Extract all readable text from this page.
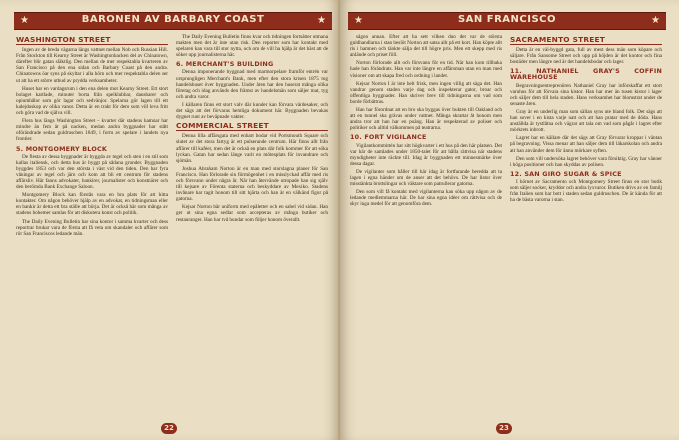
★	BARONEN AV BARBARY COAST	★
WASHINGTON STREET

Ingen av de breda vägarna längs vattnet mellan Nob och Russian Hill. Från Stockton till Kearny Street är Washingtonbacken del av Chinatown, därefter blir gatan släktlig. Den mellan de mer respektabla kvarteren av San Francisco på den ena sidan och Barbary Coast på den andra. Chinatowns öar syns på skyltar i alla hörn och mer respektabla delen ser ut att ha ett större utbud av prydda verksamheter.

Huset har en vardagsrum i den ena delen mot Kearny Street. Ett stort bolaget kartlade, minuter borta från spelklubbar, dansbarer och opiumhålor som gör lagar och sedvänjor. Spelarna gör lagen till ett kalejdoskop av olika vanor. Detta är en trakt för dem som vill leva fritt och göra vad de själva vill.

Flera hus längs Washington Street – kvarter där stadens hamnar har mindre än fem år på nacken, medan andra byggnader har stått oförändrade sedan guldruschen 1849, i form av spelare i landets nya frontier.

5. MONTGOMERY BLOCK

De flesta av dessa byggnader är byggda av tegel och sten i en stil som kallas italiensk, och detta hus är byggt på sådana grunder. Byggnaden byggdes 1853 och var den största i väst vid den tiden. Den har fyra våningar av tegel och järn och kom att bli ett centrum för stadens affärsliv. Här fanns advokater, bankirer, journalister och konstnärer och den berömda Bank Exchange Saloon.

Montgomery Block kan förstås vara en bra plats för att hitta kontakter. Om någon behöver hjälp av en advokat, en tidningsman eller en bankir är detta ett bra ställe att börja. Det är också här som många av stadens bohemer samlas för att diskutera konst och politik.

The Daily Evening Bulletin har sina kontor i samma kvarter och dess reportrar brukar vara de första att få veta om skandaler och affärer som rör San Franciscos ledande män.

The Daily Evening Bulletin finns kvar och tidningen fortsätter utmana makten men det är inte utan risk. Den reporter som har kontakt med spelaren kan vara till stor nytta, och om de vill ha hjälp är det bäst att de söker upp journalisterna här.

6. MERCHANT'S BUILDING

Denna imponerande byggnad med marmorpelare framför entrén var ursprungligen Merchant's Bank, men efter den stora krisen 1875 tog handelshuset över byggnaden. Under åren har den huserat många olika företag och idag används den främst av handelsmän som säljer mat, tyg och andra varor.

I källaren finns ett stort valv där kunder kan förvara värdesaker, och det sägs att det förvaras hemliga dokument här. Byggnaden bevakas dygnet runt av beväpnade vakter.

COMMERCIAL STREET

Denna lilla affärsgata med enbart bodar vid Portsmouth Square och slutet av det stora fartyg är ett pulserande centrum. Här finns allt från affärer till kaféer, men det är också en plats där folk kommer för att söka lyckan. Gatan har sedan länge varit en mötesplats för invandrare och sjömän.

Joshua Abraham Norton är en man med storslagna planer för San Francisco. Han förlorade sin förmögenhet i en misslyckad affär med ris och försvann under några år. När han återvände utropade han sig själv till kejsare av Förenta staterna och beskyddare av Mexiko. Stadens invånare har tagit honom till sitt hjärta och han är en välkänd figur på gatorna.

Kejsar Norton bär uniform med epåletter och en sabel vid sidan. Han ger ut sina egna sedlar som accepteras av många butiker och restauranger. Han har två hundar som följer honom överallt.

22
★	SAN FRANCISCO	★

sågon annan. Efter att ha sett vilken duo det var de största guldhandlarna i stan beslöt Norton att satsa allt på ett kort. Han köpte allt ris i hamnen och tänkte sälja det till högre pris. Men ett skepp med ris anlände och priset föll.

Norton förlorade allt och försvann för en tid. När han kom tillbaka hade han förändrats. Han var inte längre en affärsman utan en man med visioner om att skapa fred och ordning i landet.

Kejsar Norton I är inte helt frisk, men ingen villig att säga det. Han vandrar genom staden varje dag och inspekterar gator, broar och offentliga byggnader. Han skriver brev till tidningarna om vad som borde förbättras.

Han har förordnat att en bro ska byggas över bukten till Oakland och att en tunnel ska grävas under vattnet. Många skrattar åt honom men andra tror att han har en poäng. Han är respekterad av poliser och politiker och alltid välkommen på teatrarna.

10. FORT VIGILANCE

Vigilantkommittén har sitt högkvarter i ett hus på den här platsen. Det var här de samlades under 1850-talet för att hålla rättvisa när stadens myndigheter inte räckte till. Idag är byggnaden ett minnesmärke över dessa dagar.

De vigilanter som håller till här idag är fortfarande beredda att ta lagen i egna händer om de anser att det behövs. De har listor över misstänkta brottslingar och väktare som patrullerar gatorna.

Den som vill få kontakt med vigilanterna kan söka upp någon av de ledande medlemmarna här. De har sina egna idéer om rättvisa och de skyr inga medel för att genomföra dem.

SACRAMENTO STREET

Detta är en väl-byggd gata, full av mest dess män som köpare och säljare. Från Sansome Street och upp på höjden är det kontor och fina bostäder men längre ned är det handelsbodar och lager.

11. NATHANIEL GRAY'S COFFIN WAREHOUSE

Begravningsentreprenören Nathaniel Gray har införskaffat ett stort varuhus för att förvara sina kistor. Han har mer än tusen kistor i lager och säljer dem till hela staden. Hans verksamhet har blomstrat under de senaste åren.

Gray är en underlig man som sällan syns ute bland folk. Det sägs att han sover i en kista varje natt och att han pratar med de döda. Hans anställda är tystlåtna och vägrar att tala om vad som pågår i lagret efter mörkrets inbrott.

Lagret har en källare där det sägs att Gray förvarar kroppar i väntan på begravning. Vissa menar att han säljer dem till läkarskolan och andra att han använder dem för ännu mörkare syften.

Den som vill undersöka lagret behöver vara försiktig. Gray har vänner i höga positioner och han skyddas av polisen.

12. SAN GIRO SUGAR & SPICE

I hörnet av Sacramento och Montgomery Street finns en stor butik som säljer socker, kryddor och andra lyxvaror. Butiken drivs av en familj från Italien som har bott i staden sedan guldruschen. De är kända för att ha de bästa varorna i stan.

23
